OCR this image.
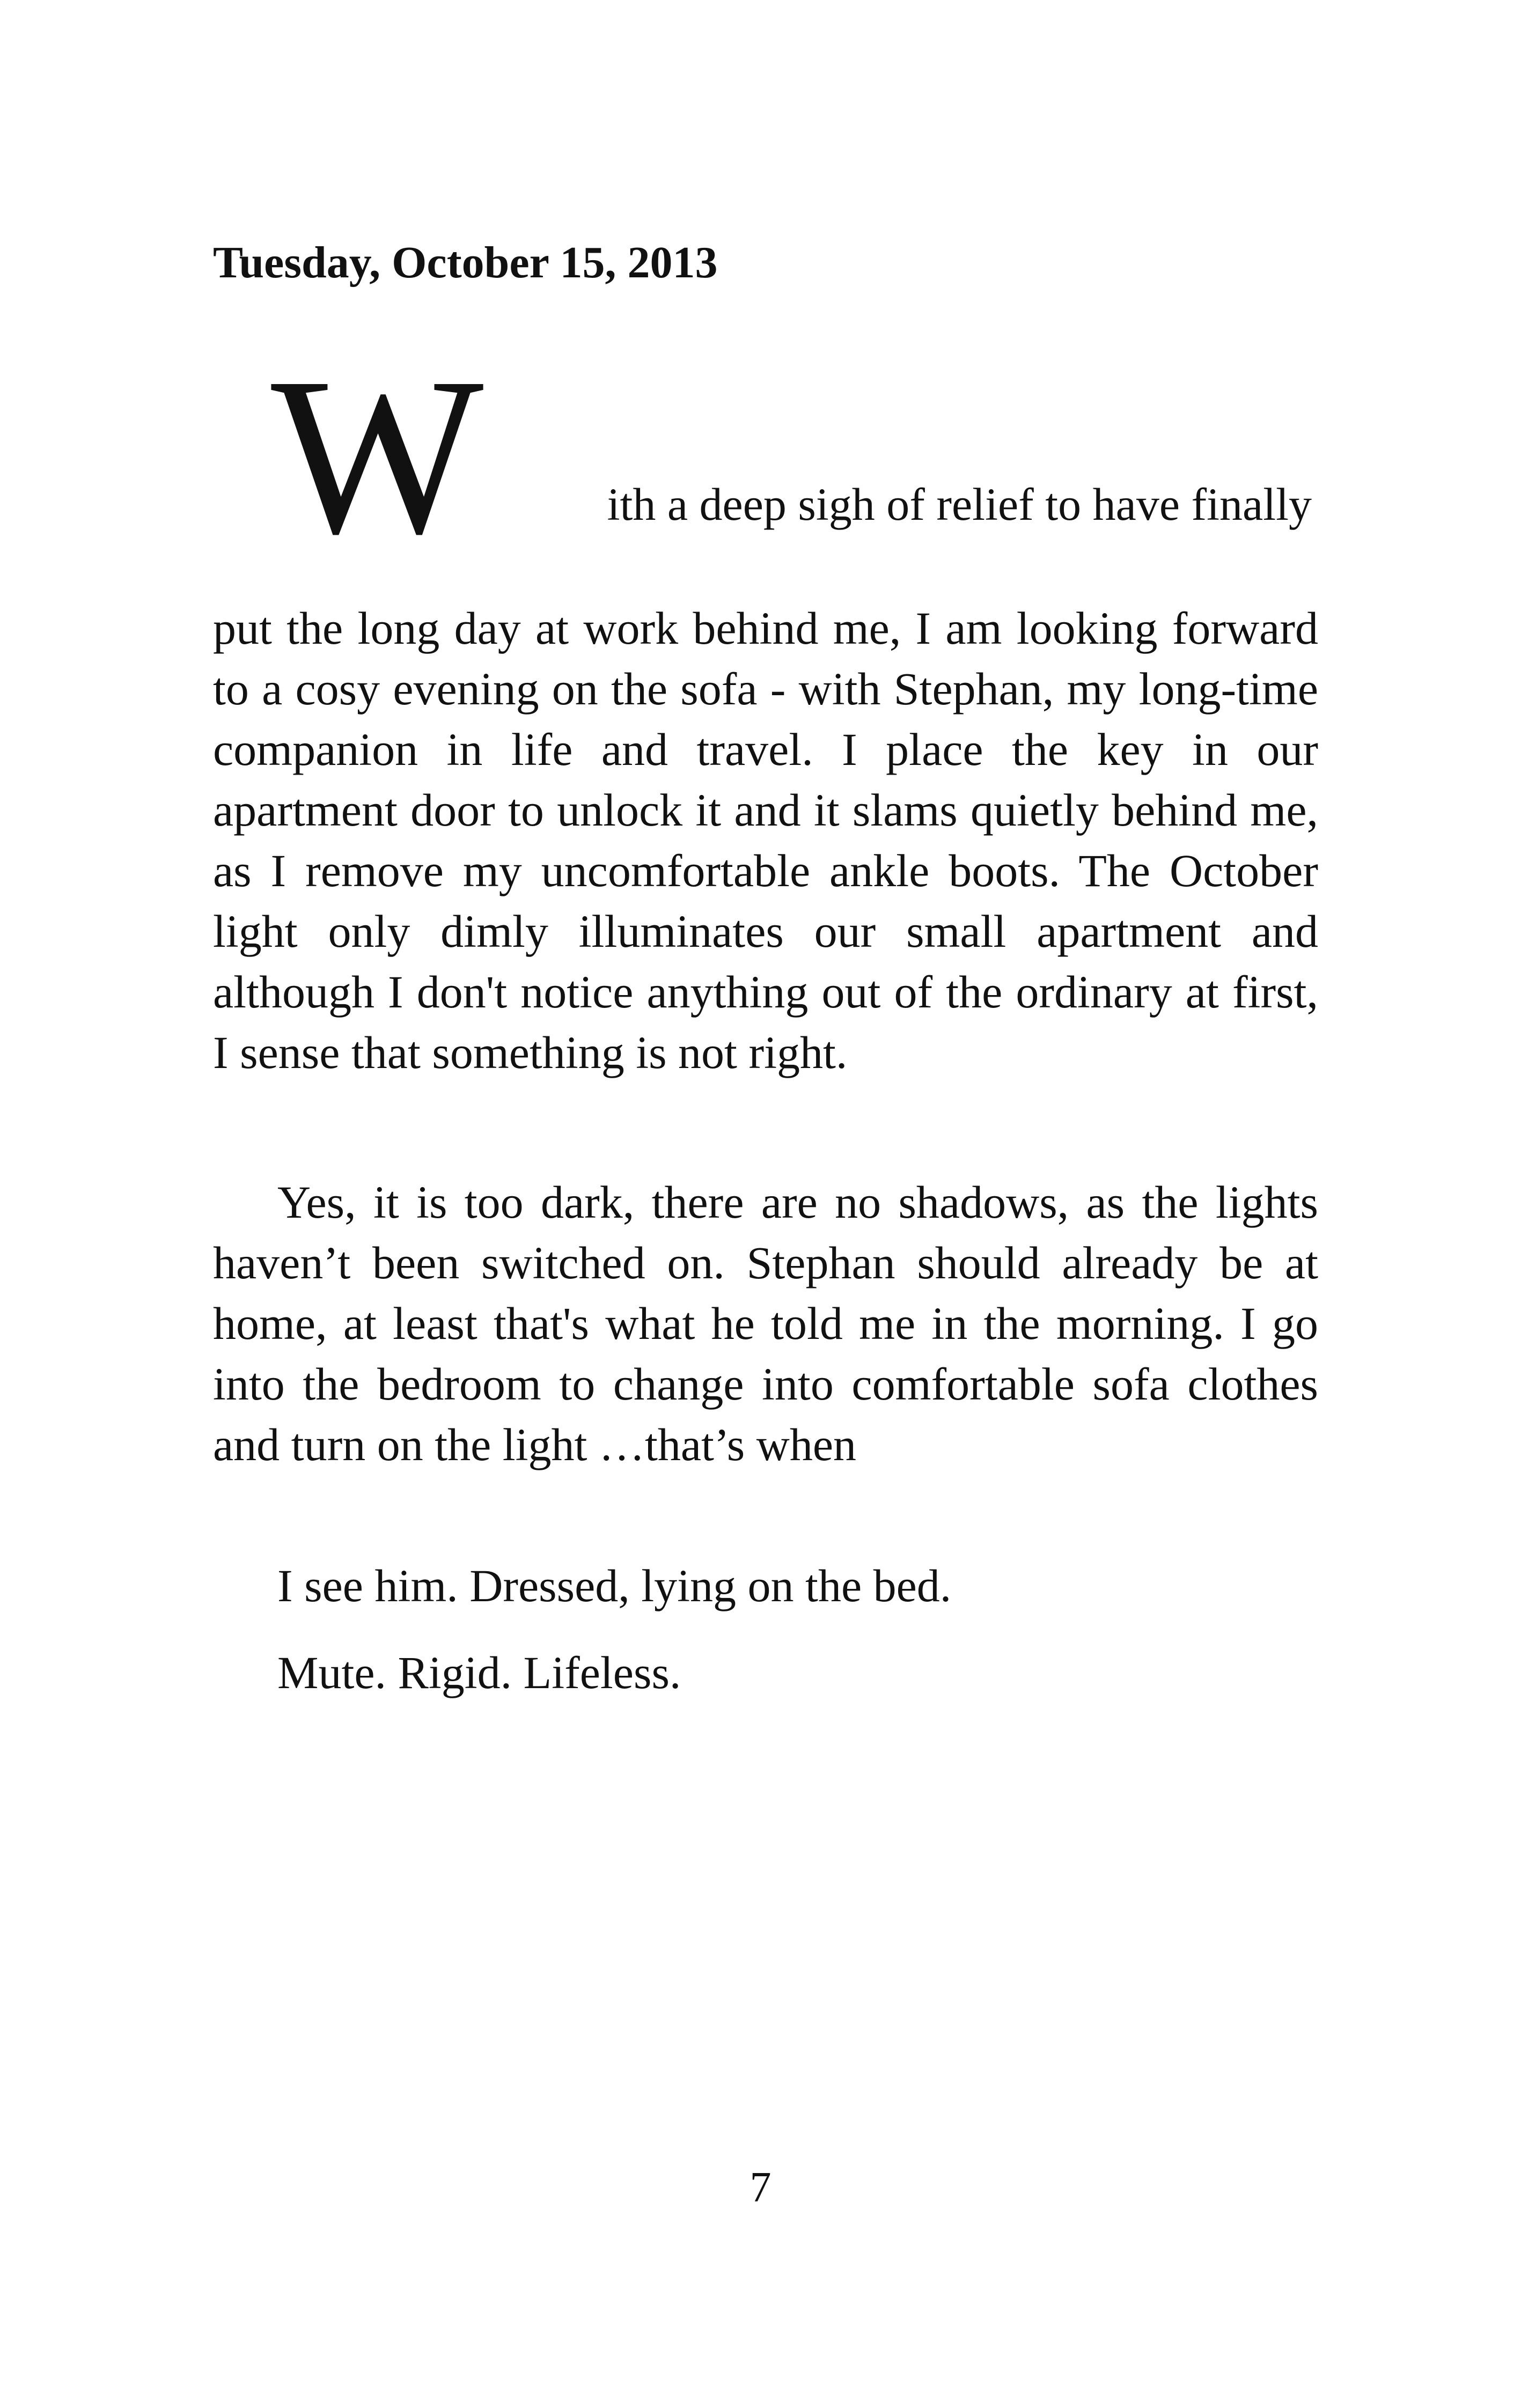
Tuesday, October 15, 2013
W	ith a deep sigh of relief to have finally

put the long day at work behind me, I am looking forward to a cosy evening on the sofa - with Stephan, my long-time companion in life and travel. I place the key in our apartment door to unlock it and it slams quietly behind me, as I remove my uncomfortable ankle boots. The October light only dimly illuminates our small apartment and although I don't notice anything out of the ordinary at first, I sense that something is not right.

Yes, it is too dark, there are no shadows, as the lights haven’t been switched on. Stephan should already be at home, at least that's what he told me in the morning. I go into the bedroom to change into comfortable sofa clothes and turn on the light …that’s when

I see him. Dressed, lying on the bed.

Mute. Rigid. Lifeless.

7
